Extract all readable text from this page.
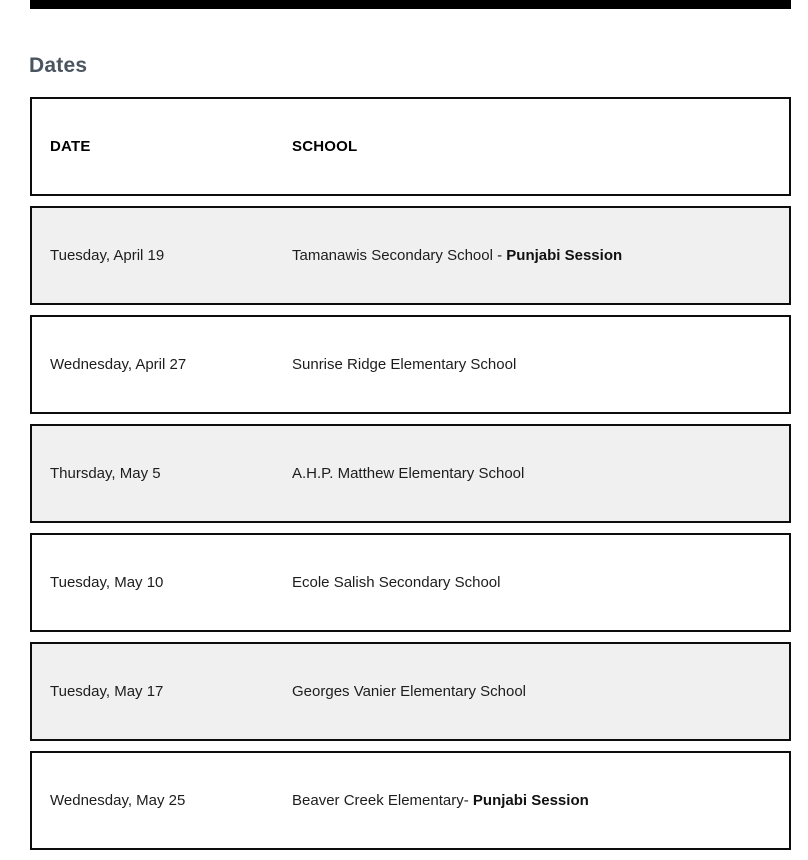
Dates
DATE	SCHOOL
Tuesday, April 19	Tamanawis Secondary School - Punjabi Session
Wednesday, April 27	Sunrise Ridge Elementary School
Thursday, May 5	A.H.P. Matthew Elementary School
Tuesday, May 10	Ecole Salish Secondary School
Tuesday, May 17	Georges Vanier Elementary School
Wednesday, May 25	Beaver Creek Elementary- Punjabi Session
